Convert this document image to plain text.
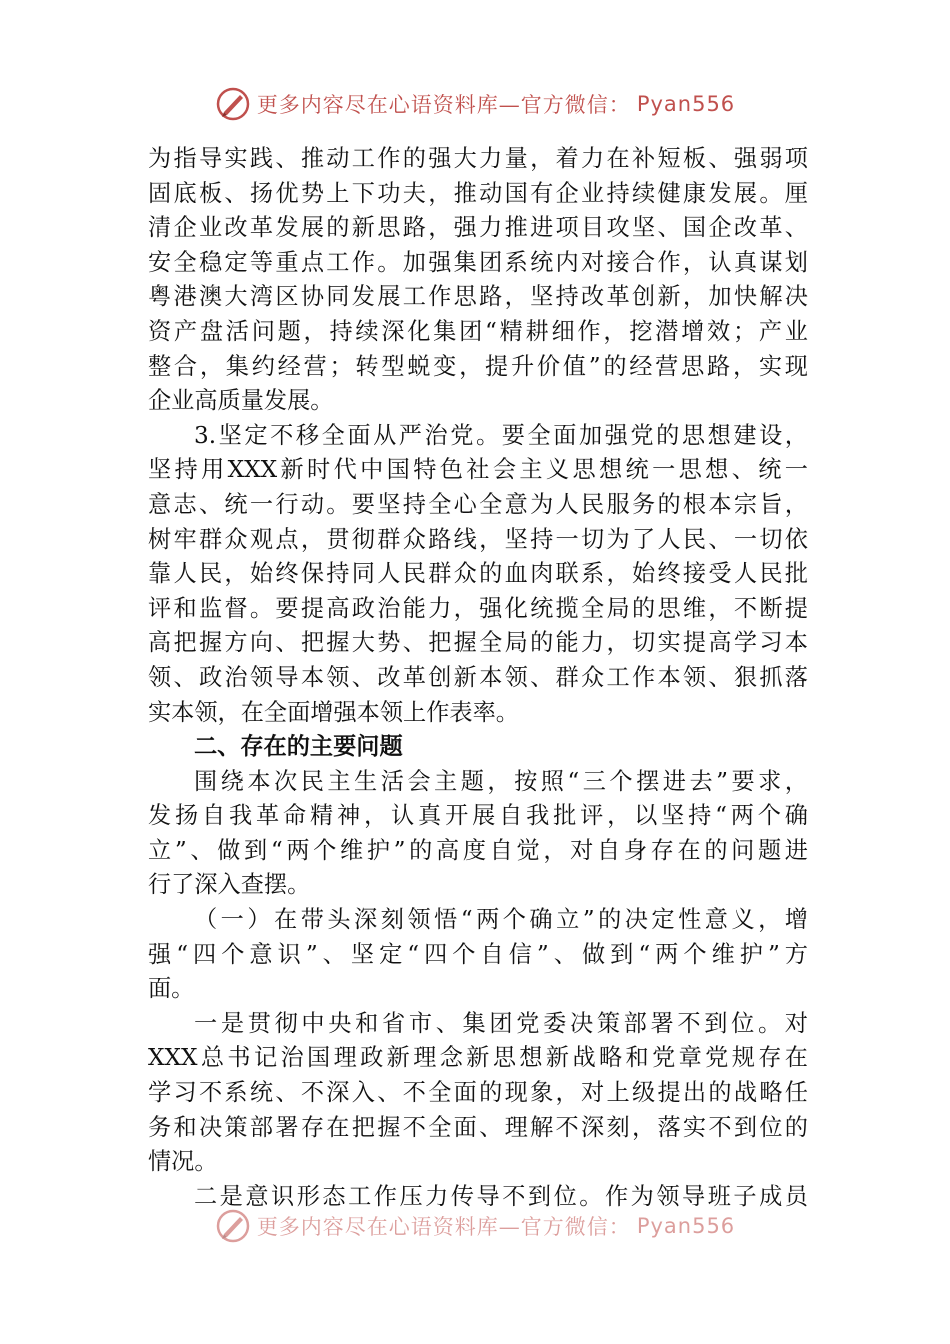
更多内容尽在心语资料库—官方微信： Pyan556
为指导实践、推动工作的强大力量，着力在补短板、强弱项
固底板、扬优势上下功夫，推动国有企业持续健康发展。厘
清企业改革发展的新思路，强力推进项目攻坚、国企改革、
安全稳定等重点工作。加强集团系统内对接合作，认真谋划
粤港澳大湾区协同发展工作思路，坚持改革创新，加快解决
资产盘活问题，持续深化集团“精耕细作，挖潜增效；产业
整合，集约经营；转型蜕变，提升价值”的经营思路，实现
企业高质量发展。
3.坚定不移全面从严治党。要全面加强党的思想建设，
坚持用XXX新时代中国特色社会主义思想统一思想、统一
意志、统一行动。要坚持全心全意为人民服务的根本宗旨，
树牢群众观点，贯彻群众路线，坚持一切为了人民、一切依
靠人民，始终保持同人民群众的血肉联系，始终接受人民批
评和监督。要提高政治能力，强化统揽全局的思维，不断提
高把握方向、把握大势、把握全局的能力，切实提高学习本
领、政治领导本领、改革创新本领、群众工作本领、狠抓落
实本领，在全面增强本领上作表率。
二、存在的主要问题
围绕本次民主生活会主题，按照“三个摆进去”要求，
发扬自我革命精神，认真开展自我批评，以坚持“两个确
立”、做到“两个维护”的高度自觉，对自身存在的问题进
行了深入查摆。
（一）在带头深刻领悟“两个确立”的决定性意义，增
强“四个意识”、坚定“四个自信”、做到“两个维护”方
面。
一是贯彻中央和省市、集团党委决策部署不到位。对
XXX总书记治国理政新理念新思想新战略和党章党规存在
学习不系统、不深入、不全面的现象，对上级提出的战略任
务和决策部署存在把握不全面、理解不深刻，落实不到位的
情况。
二是意识形态工作压力传导不到位。作为领导班子成员
更多内容尽在心语资料库—官方微信： Pyan556
